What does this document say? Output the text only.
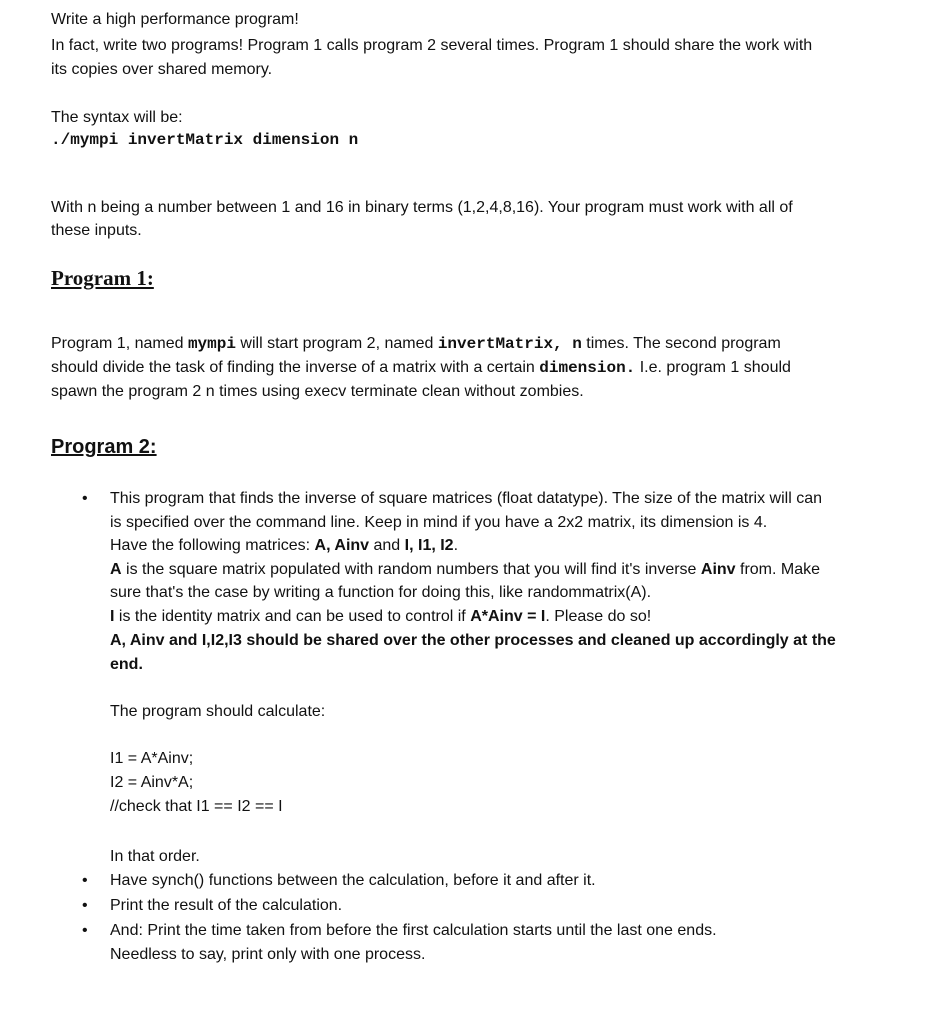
Write a high performance program!
In fact, write two programs! Program 1 calls program 2 several times. Program 1 should share the work with
its copies over shared memory.
The syntax will be:
./mympi invertMatrix dimension n
With n being a number between 1 and 16 in binary terms (1,2,4,8,16). Your program must work with all of
these inputs.
Program 1:
Program 1, named mympi will start program 2, named invertMatrix, n times. The second program
should divide the task of finding the inverse of a matrix with a certain dimension. I.e. program 1 should
spawn the program 2 n times using execv terminate clean without zombies.
Program 2:
• This program that finds the inverse of square matrices (float datatype). The size of the matrix will can
is specified over the command line. Keep in mind if you have a 2x2 matrix, its dimension is 4.
Have the following matrices: A, Ainv and I, I1, I2.
A is the square matrix populated with random numbers that you will find it's inverse Ainv from. Make
sure that's the case by writing a function for doing this, like randommatrix(A).
I is the identity matrix and can be used to control if A*Ainv = I. Please do so!
A, Ainv and I,I2,I3 should be shared over the other processes and cleaned up accordingly at the
end.
The program should calculate:
I1 = A*Ainv;
I2 = Ainv*A;
//check that I1 == I2 == I
In that order.
• Have synch() functions between the calculation, before it and after it.
• Print the result of the calculation.
• And: Print the time taken from before the first calculation starts until the last one ends.
Needless to say, print only with one process.
